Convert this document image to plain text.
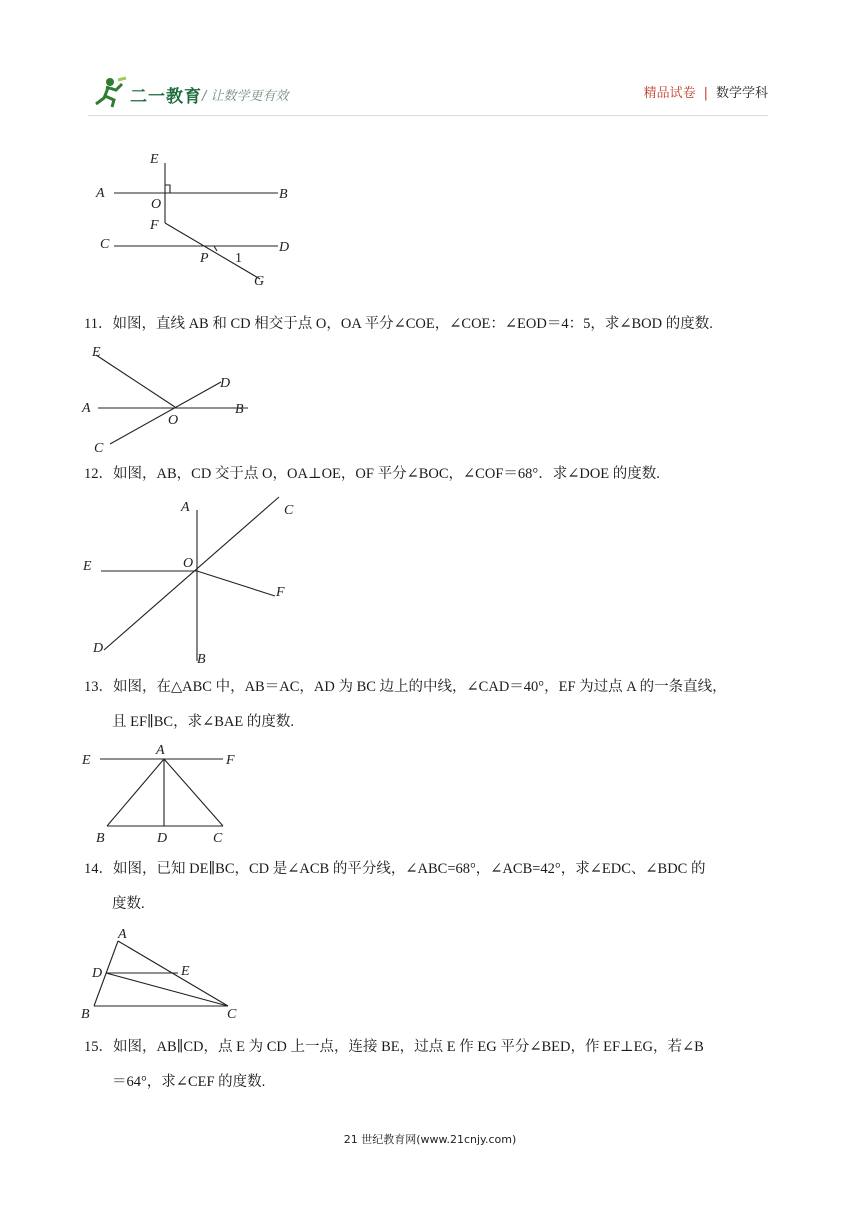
二一教育 / 让数学更有效	精品试卷 | 数学学科
E
A	B
O
F
C	D
P 1
G
11．如图，直线 AB 和 CD 相交于点 O，OA 平分∠COE，∠COE：∠EOD＝4：5，求∠BOD 的度数.
E
D
A	B
O
C
12．如图，AB，CD 交于点 O，OA⊥OE，OF 平分∠BOC，∠COF＝68°．求∠DOE 的度数.
A	C
E	O
F
D
B
13．如图，在△ABC 中，AB＝AC，AD 为 BC 边上的中线，∠CAD＝40°，EF 为过点 A 的一条直线，
且 EF∥BC，求∠BAE 的度数.
E
A
F
B	D	C
14．如图，已知 DE∥BC，CD 是∠ACB 的平分线，∠ABC=68°，∠ACB=42°，求∠EDC、∠BDC 的
度数.
A
D	E
B	C
15．如图，AB∥CD，点 E 为 CD 上一点，连接 BE，过点 E 作 EG 平分∠BED，作 EF⊥EG，若∠B
＝64°，求∠CEF 的度数.
21 世纪教育网(www.21cnjy.com)
